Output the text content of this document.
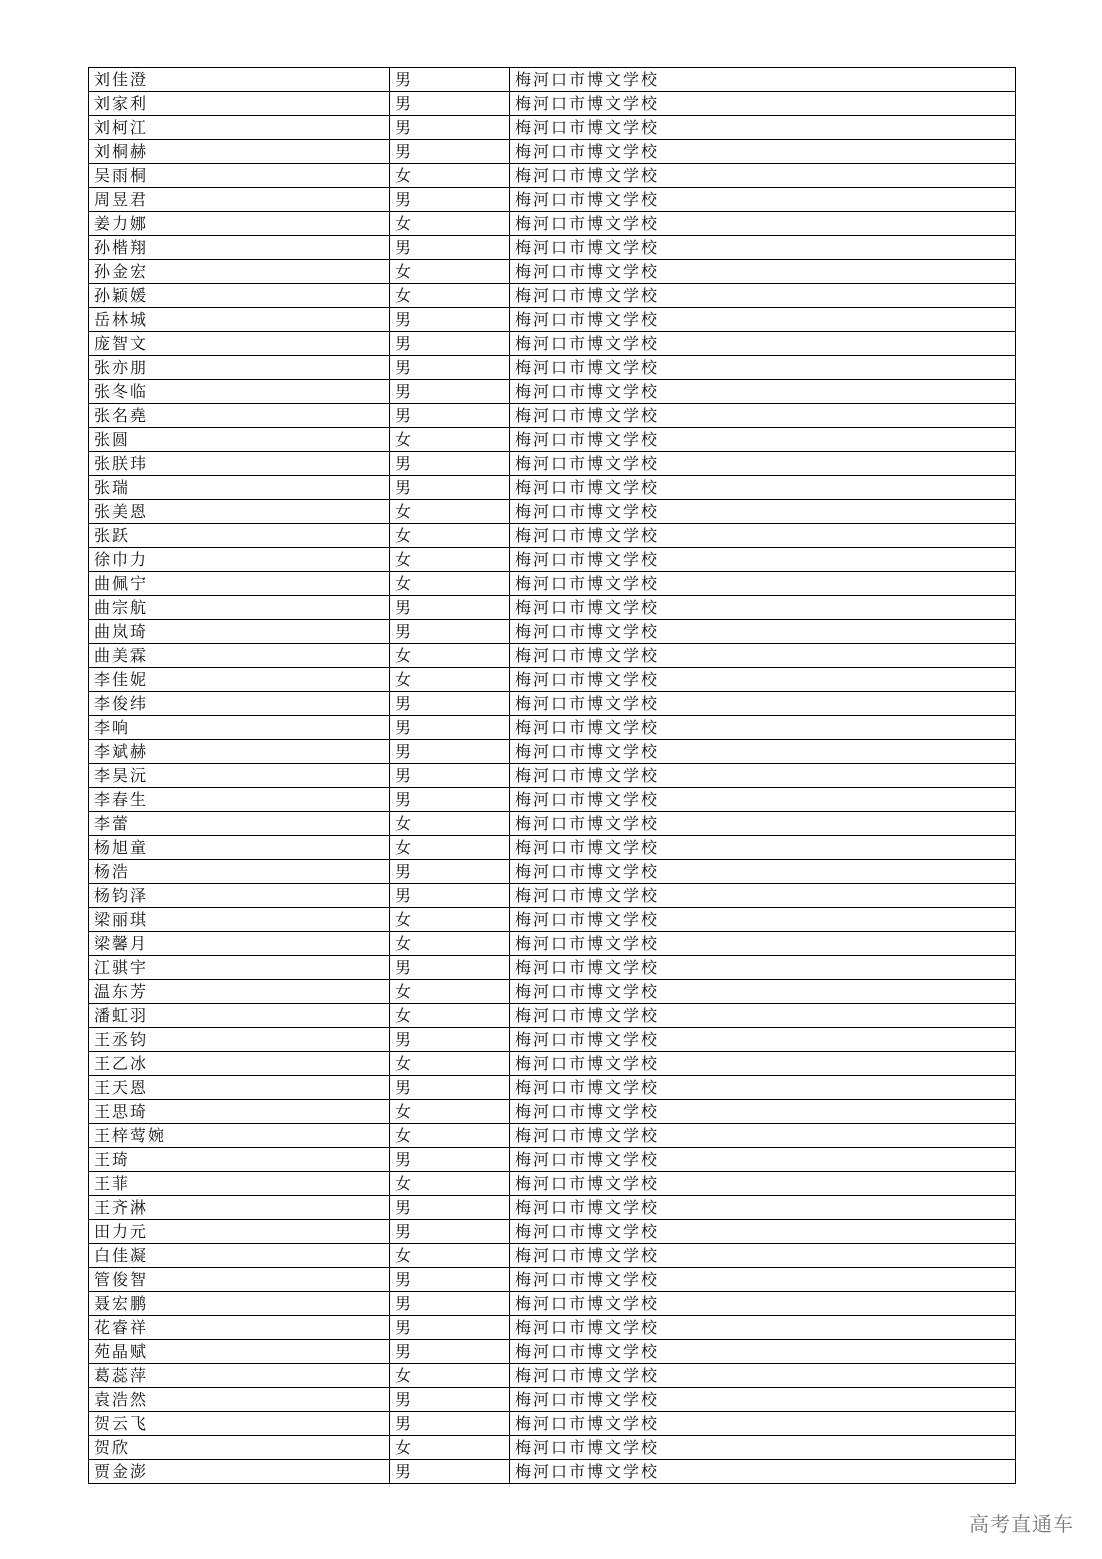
刘佳澄	男	梅河口市博文学校
刘家利	男	梅河口市博文学校
刘柯江	男	梅河口市博文学校
刘桐赫	男	梅河口市博文学校
吴雨桐	女	梅河口市博文学校
周昱君	男	梅河口市博文学校
姜力娜	女	梅河口市博文学校
孙楷翔	男	梅河口市博文学校
孙金宏	女	梅河口市博文学校
孙颖媛	女	梅河口市博文学校
岳林城	男	梅河口市博文学校
庞智文	男	梅河口市博文学校
张亦朋	男	梅河口市博文学校
张冬临	男	梅河口市博文学校
张名堯	男	梅河口市博文学校
张圆	女	梅河口市博文学校
张朕玮	男	梅河口市博文学校
张瑞	男	梅河口市博文学校
张美恩	女	梅河口市博文学校
张跃	女	梅河口市博文学校
徐巾力	女	梅河口市博文学校
曲佩宁	女	梅河口市博文学校
曲宗航	男	梅河口市博文学校
曲岚琦	男	梅河口市博文学校
曲美霖	女	梅河口市博文学校
李佳妮	女	梅河口市博文学校
李俊纬	男	梅河口市博文学校
李响	男	梅河口市博文学校
李斌赫	男	梅河口市博文学校
李昊沅	男	梅河口市博文学校
李春生	男	梅河口市博文学校
李蕾	女	梅河口市博文学校
杨旭童	女	梅河口市博文学校
杨浩	男	梅河口市博文学校
杨钧泽	男	梅河口市博文学校
梁丽琪	女	梅河口市博文学校
梁馨月	女	梅河口市博文学校
江骐宇	男	梅河口市博文学校
温东芳	女	梅河口市博文学校
潘虹羽	女	梅河口市博文学校
王丞钧	男	梅河口市博文学校
王乙冰	女	梅河口市博文学校
王天恩	男	梅河口市博文学校
王思琦	女	梅河口市博文学校
王梓莺婉	女	梅河口市博文学校
王琦	男	梅河口市博文学校
王菲	女	梅河口市博文学校
王齐淋	男	梅河口市博文学校
田力元	男	梅河口市博文学校
白佳凝	女	梅河口市博文学校
管俊智	男	梅河口市博文学校
聂宏鹏	男	梅河口市博文学校
花睿祥	男	梅河口市博文学校
苑晶赋	男	梅河口市博文学校
葛蕊萍	女	梅河口市博文学校
袁浩然	男	梅河口市博文学校
贺云飞	男	梅河口市博文学校
贺欣	女	梅河口市博文学校
贾金澎	男	梅河口市博文学校
高考直通车
